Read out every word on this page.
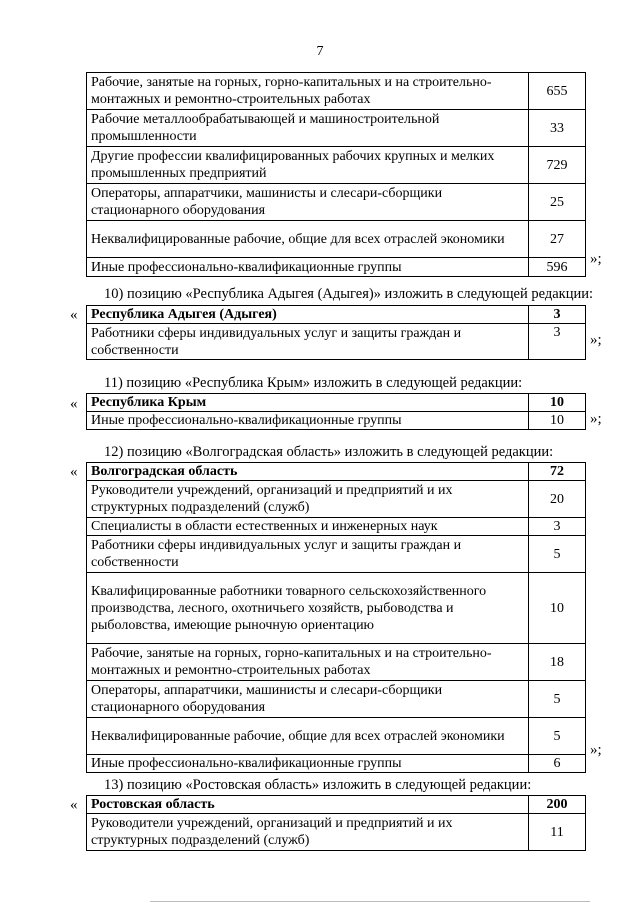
7
Рабочие, занятые на горных, горно-капитальных и на строительно-монтажных и ремонтно-строительных работах	655
Рабочие металлообрабатывающей и машиностроительной промышленности	33
Другие профессии квалифицированных рабочих крупных и мелких промышленных предприятий	729
Операторы, аппаратчики, машинисты и слесари-сборщики стационарного оборудования	25
Неквалифицированные рабочие, общие для всех отраслей экономики	27
Иные профессионально-квалификационные группы	596 »;
10) позицию «Республика Адыгея (Адыгея)» изложить в следующей редакции:
« Республика Адыгея (Адыгея)	3
Работники сферы индивидуальных услуг и защиты граждан и собственности	3 »;
11) позицию «Республика Крым» изложить в следующей редакции:
« Республика Крым	10
Иные профессионально-квалификационные группы	10 »;
12) позицию «Волгоградская область» изложить в следующей редакции:
« Волгоградская область	72
Руководители учреждений, организаций и предприятий и их структурных подразделений (служб)	20
Специалисты в области естественных и инженерных наук	3
Работники сферы индивидуальных услуг и защиты граждан и собственности	5
Квалифицированные работники товарного сельскохозяйственного производства, лесного, охотничьего хозяйств, рыбоводства и рыболовства, имеющие рыночную ориентацию	10
Рабочие, занятые на горных, горно-капитальных и на строительно-монтажных и ремонтно-строительных работах	18
Операторы, аппаратчики, машинисты и слесари-сборщики стационарного оборудования	5
Неквалифицированные рабочие, общие для всех отраслей экономики	5
Иные профессионально-квалификационные группы	6
»;
13) позицию «Ростовская область» изложить в следующей редакции:
« Ростовская область	200
Руководители учреждений, организаций и предприятий и их структурных подразделений (служб)	11
